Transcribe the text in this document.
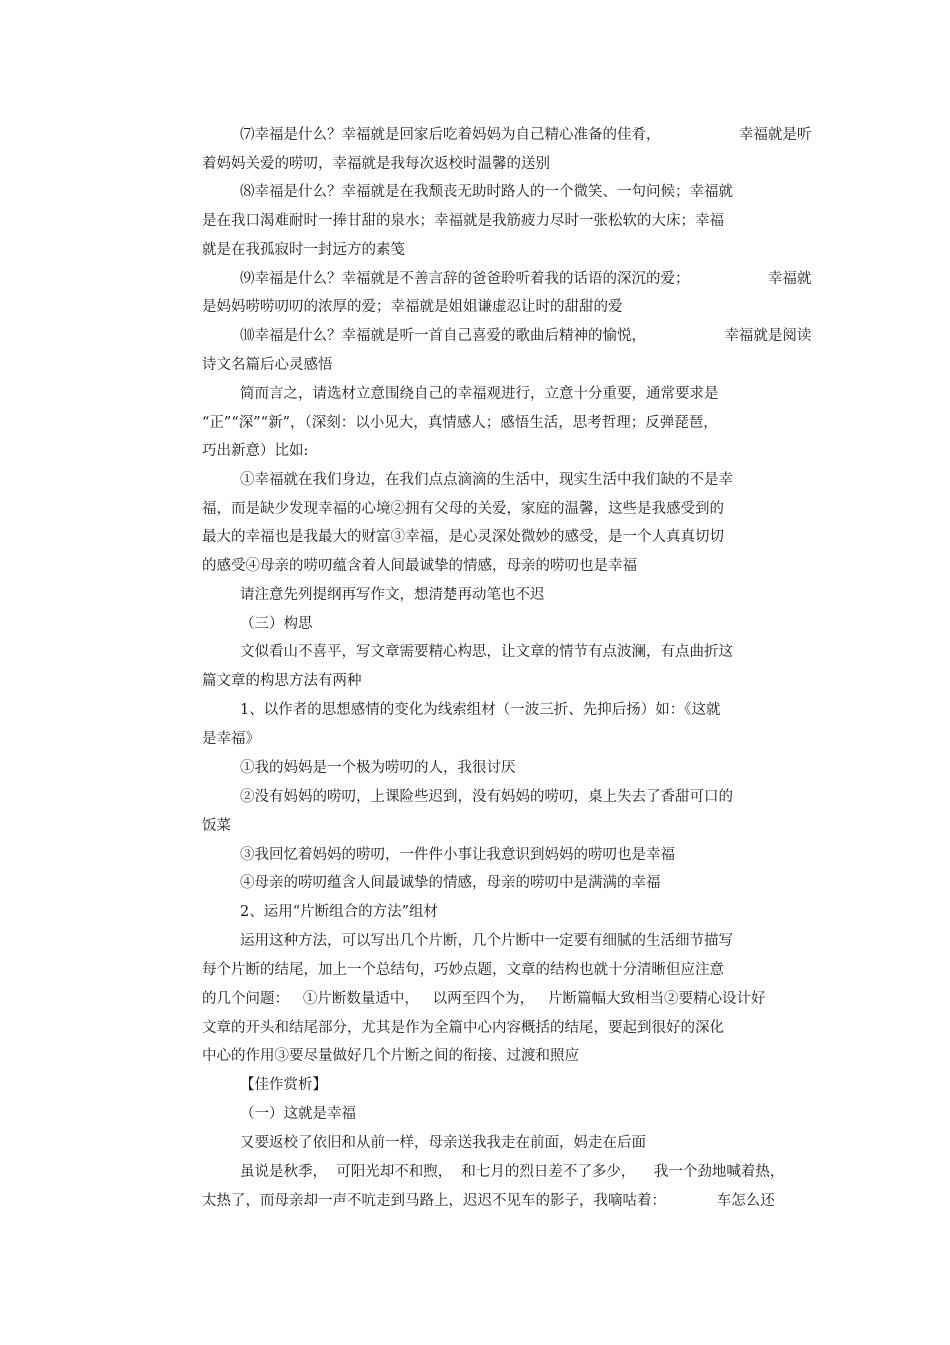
⑺幸福是什么？幸福就是回家后吃着妈妈为自己精心准备的佳肴，                 幸福就是听
着妈妈关爱的唠叨，幸福就是我每次返校时温馨的送别
⑻幸福是什么？幸福就是在我颓丧无助时路人的一个微笑、一句问候；幸福就
是在我口渴难耐时一捧甘甜的泉水；幸福就是我筋疲力尽时一张松软的大床；幸福
就是在我孤寂时一封远方的素笺
⑼幸福是什么？幸福就是不善言辞的爸爸聆听着我的话语的深沉的爱；                 幸福就
是妈妈唠唠叨叨的浓厚的爱；幸福就是姐姐谦虚忍让时的甜甜的爱
⑽幸福是什么？幸福就是听一首自己喜爱的歌曲后精神的愉悦，                 幸福就是阅读
诗文名篇后心灵感悟
简而言之，请选材立意围绕自己的幸福观进行，立意十分重要，通常要求是
“正”“深”“新”，（深刻：以小见大，真情感人；感悟生活，思考哲理；反弹琵琶，
巧出新意）比如:
①幸福就在我们身边，在我们点点滴滴的生活中，现实生活中我们缺的不是幸
福，而是缺少发现幸福的心境②拥有父母的关爱，家庭的温馨，这些是我感受到的
最大的幸福也是我最大的财富③幸福，是心灵深处微妙的感受，是一个人真真切切
的感受④母亲的唠叨蕴含着人间最诚挚的情感，母亲的唠叨也是幸福
请注意先列提纲再写作文，想清楚再动笔也不迟
（三）构思
文似看山不喜平，写文章需要精心构思，让文章的情节有点波澜，有点曲折这
篇文章的构思方法有两种
1、以作者的思想感情的变化为线索组材（一波三折、先抑后扬）如：《这就
是幸福》
①我的妈妈是一个极为唠叨的人，我很讨厌
②没有妈妈的唠叨，上课险些迟到，没有妈妈的唠叨，桌上失去了香甜可口的
饭菜
③我回忆着妈妈的唠叨，一件件小事让我意识到妈妈的唠叨也是幸福
④母亲的唠叨蕴含人间最诚挚的情感，母亲的唠叨中是满满的幸福
2、运用“片断组合的方法”组材
运用这种方法，可以写出几个片断，几个片断中一定要有细腻的生活细节描写
每个片断的结尾，加上一个总结句，巧妙点题，文章的结构也就十分清晰但应注意
的几个问题：   ①片断数量适中，   以两至四个为，   片断篇幅大致相当②要精心设计好
文章的开头和结尾部分，尤其是作为全篇中心内容概括的结尾，要起到很好的深化
中心的作用③要尽量做好几个片断之间的衔接、过渡和照应
【佳作赏析】
（一）这就是幸福
又要返校了依旧和从前一样，母亲送我我走在前面，妈走在后面
虽说是秋季，  可阳光却不和煦，  和七月的烈日差不了多少，    我一个劲地喊着热，
太热了，而母亲却一声不吭走到马路上，迟迟不见车的影子，我嘀咕着：           车怎么还
